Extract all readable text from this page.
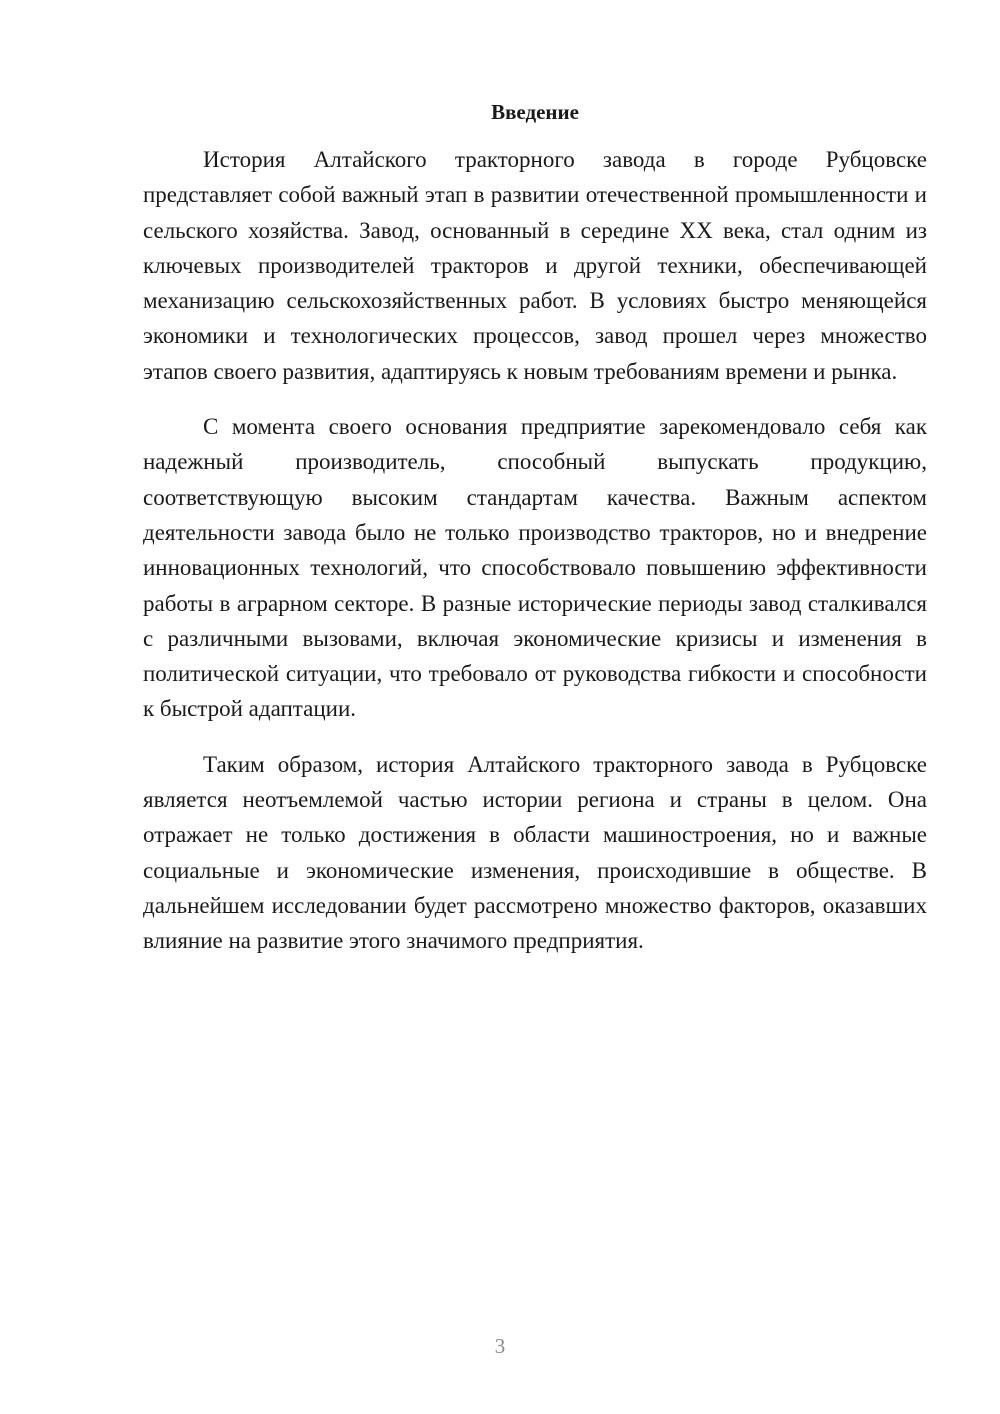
Введение

История Алтайского тракторного завода в городе Рубцовске представляет собой важный этап в развитии отечественной промышленности и сельского хозяйства. Завод, основанный в середине XX века, стал одним из ключевых производителей тракторов и другой техники, обеспечивающей механизацию сельскохозяйственных работ. В условиях быстро меняющейся экономики и технологических процессов, завод прошел через множество этапов своего развития, адаптируясь к новым требованиям времени и рынка.

С момента своего основания предприятие зарекомендовало себя как надежный производитель, способный выпускать продукцию, соответствующую высоким стандартам качества. Важным аспектом деятельности завода было не только производство тракторов, но и внедрение инновационных технологий, что способствовало повышению эффективности работы в аграрном секторе. В разные исторические периоды завод сталкивался с различными вызовами, включая экономические кризисы и изменения в политической ситуации, что требовало от руководства гибкости и способности к быстрой адаптации.

Таким образом, история Алтайского тракторного завода в Рубцовске является неотъемлемой частью истории региона и страны в целом. Она отражает не только достижения в области машиностроения, но и важные социальные и экономические изменения, происходившие в обществе. В дальнейшем исследовании будет рассмотрено множество факторов, оказавших влияние на развитие этого значимого предприятия.

3
